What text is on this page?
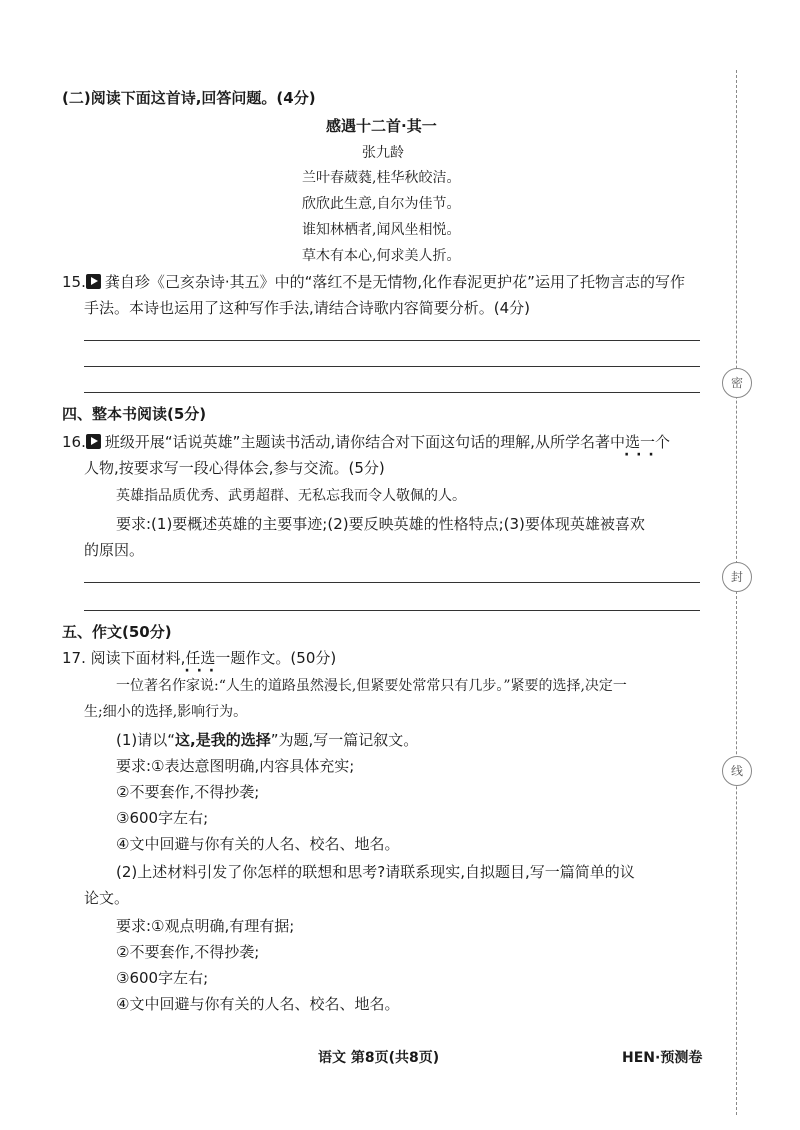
(二)阅读下面这首诗,回答问题。(4分)
感遇十二首·其一
张九龄
兰叶春葳蕤,桂华秋皎洁。
欣欣此生意,自尔为佳节。
谁知林栖者,闻风坐相悦。
草木有本心,何求美人折。
15. 龚自珍《己亥杂诗·其五》中的“落红不是无情物,化作春泥更护花”运用了托物言志的写作
手法。本诗也运用了这种写作手法,请结合诗歌内容简要分析。(4分)
四、整本书阅读(5分)
16. 班级开展“话说英雄”主题读书活动,请你结合对下面这句话的理解,从所学名著中选一个 · · ·
人物,按要求写一段心得体会,参与交流。(5分)
英雄指品质优秀、武勇超群、无私忘我而令人敬佩的人。
要求:(1)要概述英雄的主要事迹;(2)要反映英雄的性格特点;(3)要体现英雄被喜欢
的原因。
五、作文(50分)
17. 阅读下面材料,任选一 · · ·题作文。(50分)
一位著名作家说:“人生的道路虽然漫长,但紧要处常常只有几步。”紧要的选择,决定一
生;细小的选择,影响行为。
(1)请以“这,是我的选择”为题,写一篇记叙文。
要求:①表达意图明确,内容具体充实;
②不要套作,不得抄袭;
③600字左右;
④文中回避与你有关的人名、校名、地名。
(2)上述材料引发了你怎样的联想和思考?请联系现实,自拟题目,写一篇简单的议
论文。
要求:①观点明确,有理有据;
②不要套作,不得抄袭;
③600字左右;
④文中回避与你有关的人名、校名、地名。
语文 第8页(共8页)	HEN·预测卷
密
封
线
